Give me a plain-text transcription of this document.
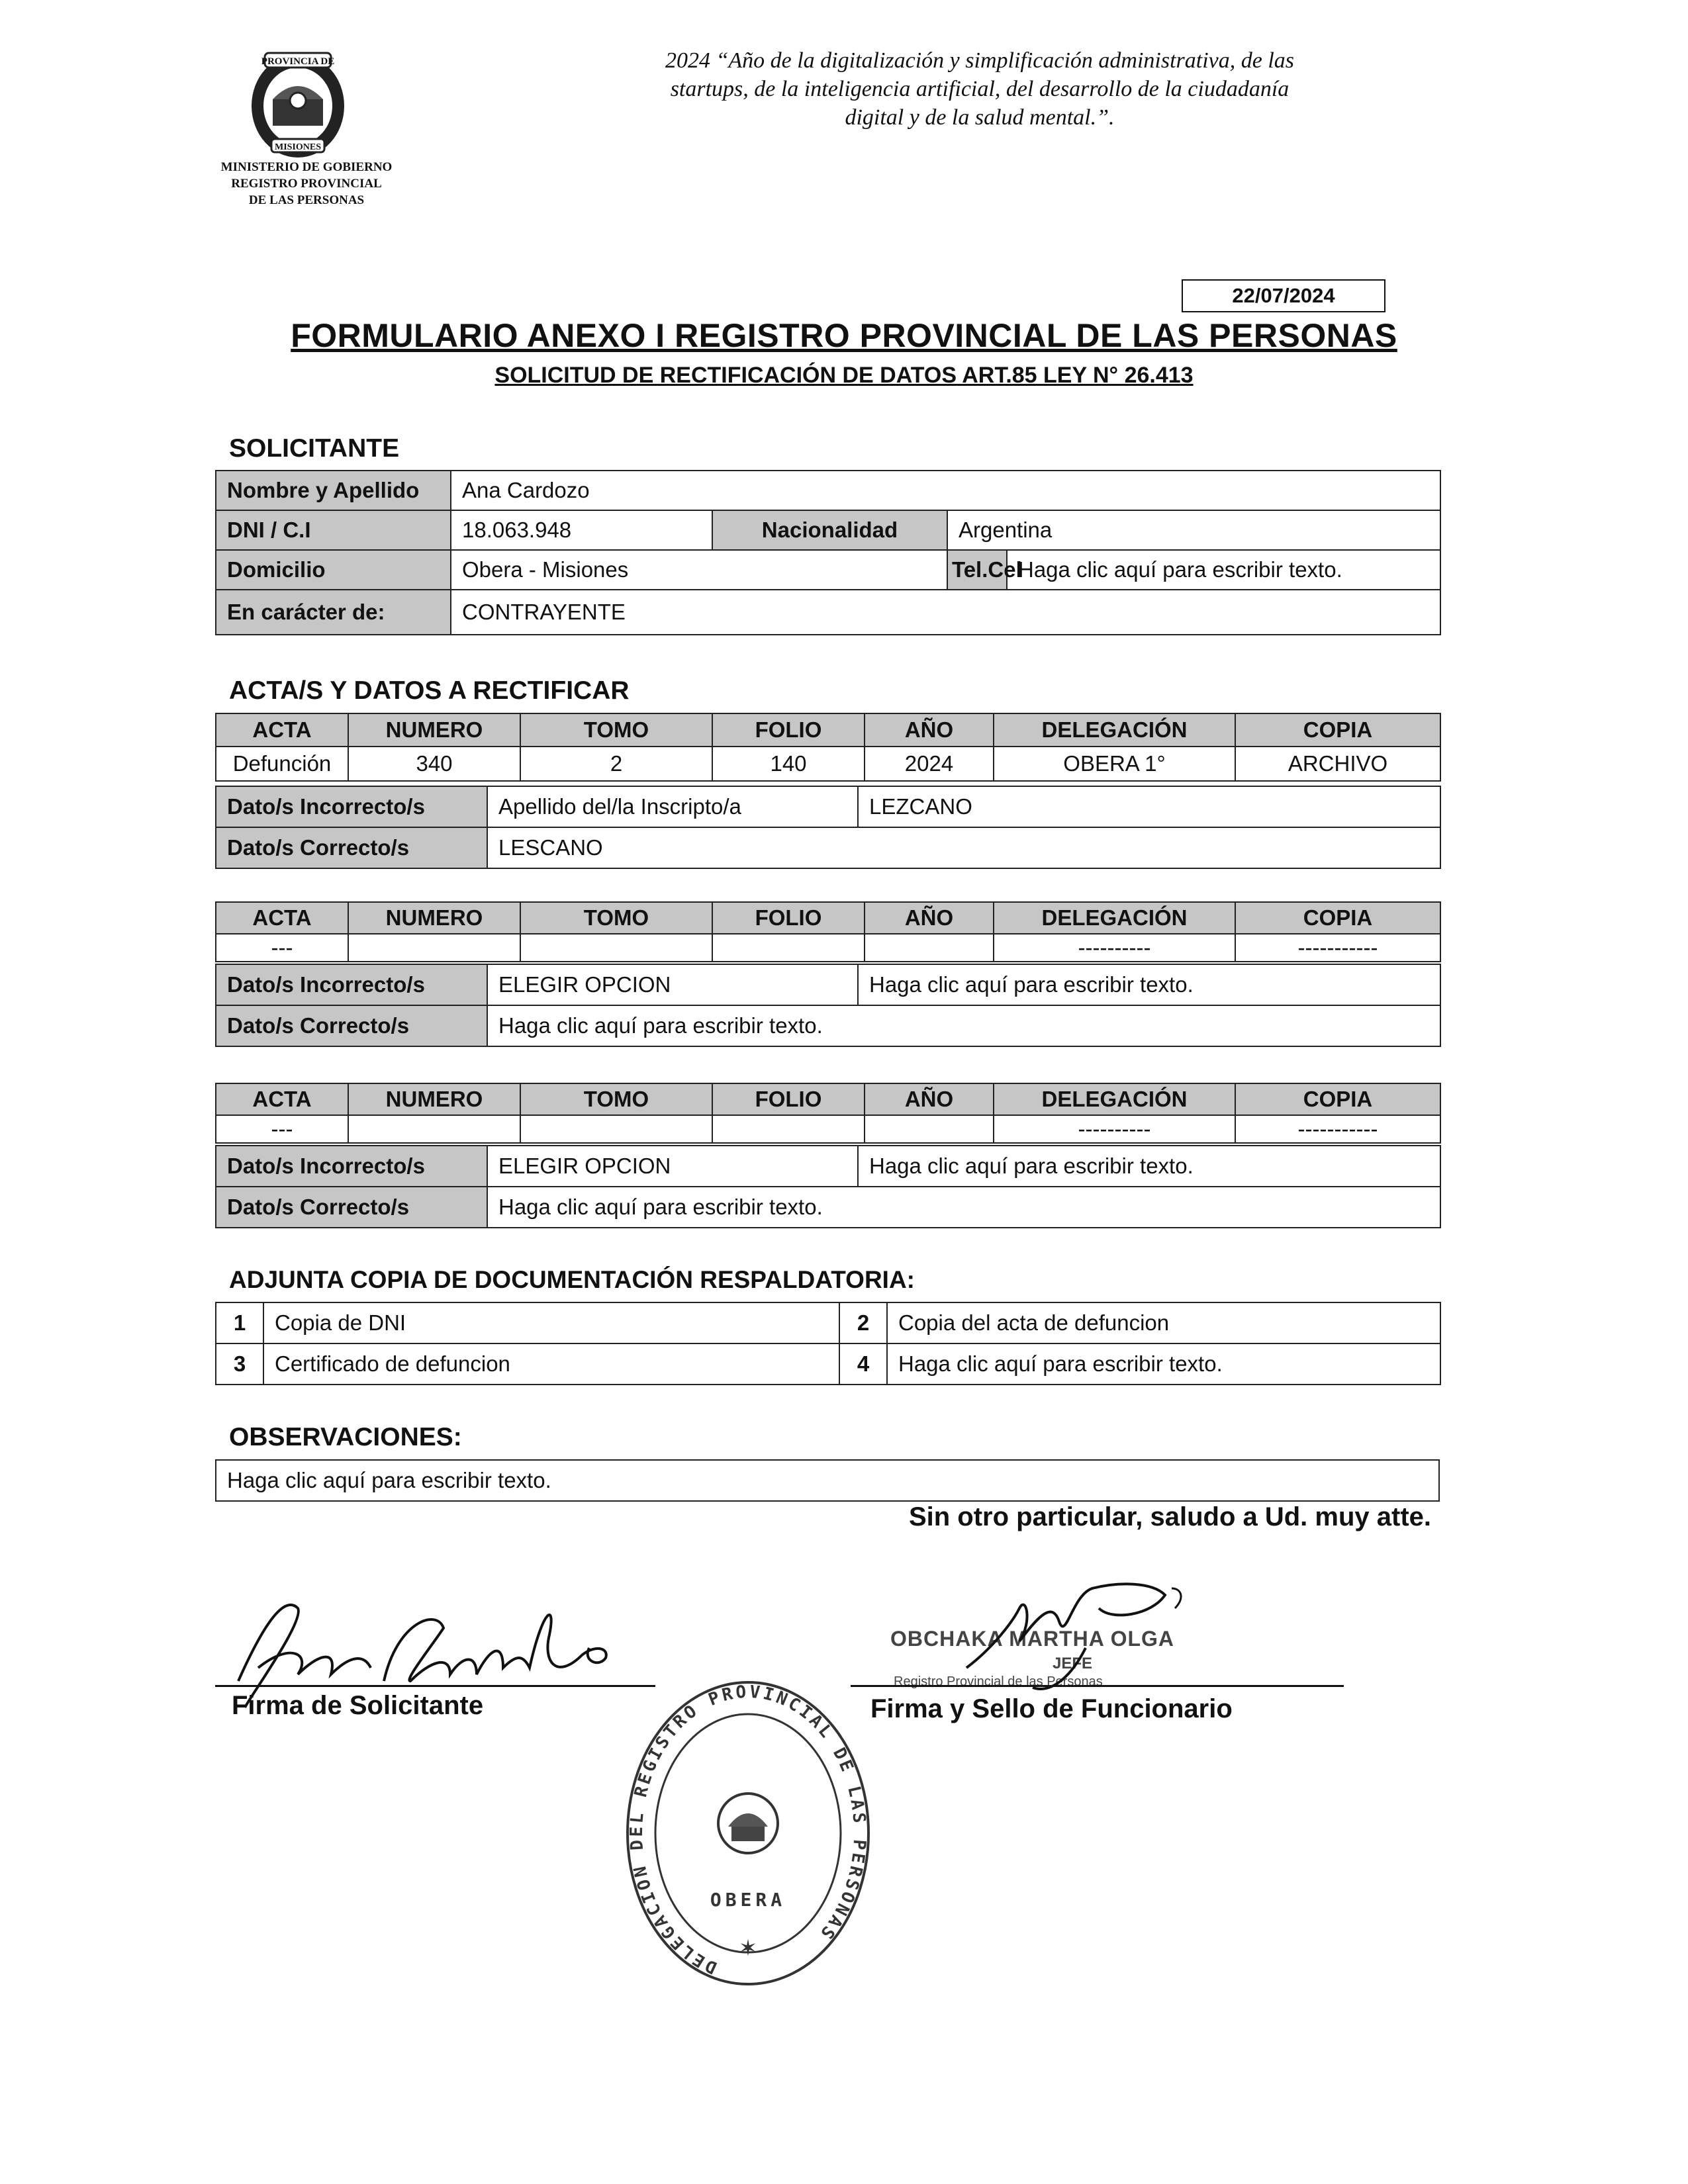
PROVINCIA DE
MISIONES
MINISTERIO DE GOBIERNO
REGISTRO PROVINCIAL
DE LAS PERSONAS
2024 “Año de la digitalización y simplificación administrativa, de las
startups, de la inteligencia artificial, del desarrollo de la ciudadanía
digital y de la salud mental.”.
22/07/2024
FORMULARIO ANEXO I REGISTRO PROVINCIAL DE LAS PERSONAS
SOLICITUD DE RECTIFICACIÓN DE DATOS ART.85 LEY N° 26.413
SOLICITANTE
Nombre y Apellido	Ana Cardozo			
DNI / C.I	18.063.948	Nacionalidad	Argentina	
Domicilio	Obera - Misiones		Tel.Cel	Haga clic aquí para escribir texto.
En carácter de:	CONTRAYENTE			
ACTA/S Y DATOS A RECTIFICAR
ACTA	NUMERO	TOMO	FOLIO	AÑO	DELEGACIÓN	COPIA
Defunción	340	2	140	2024	OBERA 1°	ARCHIVO
Dato/s Incorrecto/s	Apellido del/la Inscripto/a	LEZCANO
Dato/s Correcto/s	LESCANO	
ACTA	NUMERO	TOMO	FOLIO	AÑO	DELEGACIÓN	COPIA
---					----------	-----------
Dato/s Incorrecto/s	ELEGIR OPCION	Haga clic aquí para escribir texto.
Dato/s Correcto/s	Haga clic aquí para escribir texto.	
ACTA	NUMERO	TOMO	FOLIO	AÑO	DELEGACIÓN	COPIA
---					----------	-----------
Dato/s Incorrecto/s	ELEGIR OPCION	Haga clic aquí para escribir texto.
Dato/s Correcto/s	Haga clic aquí para escribir texto.	
ADJUNTA COPIA DE DOCUMENTACIÓN RESPALDATORIA:
1	Copia de DNI	2	Copia del acta de defuncion
3	Certificado de defuncion	4	Haga clic aquí para escribir texto.
OBSERVACIONES:
Haga clic aquí para escribir texto.
Sin otro particular, saludo a Ud. muy atte.
Firma de Solicitante
OBCHAKA MARTHA OLGA
JEFE
Registro Provincial de las Personas
Firma y Sello de Funcionario
DELEGACION DEL REGISTRO PROVINCIAL DE LAS PERSONAS
OBERA
✶
